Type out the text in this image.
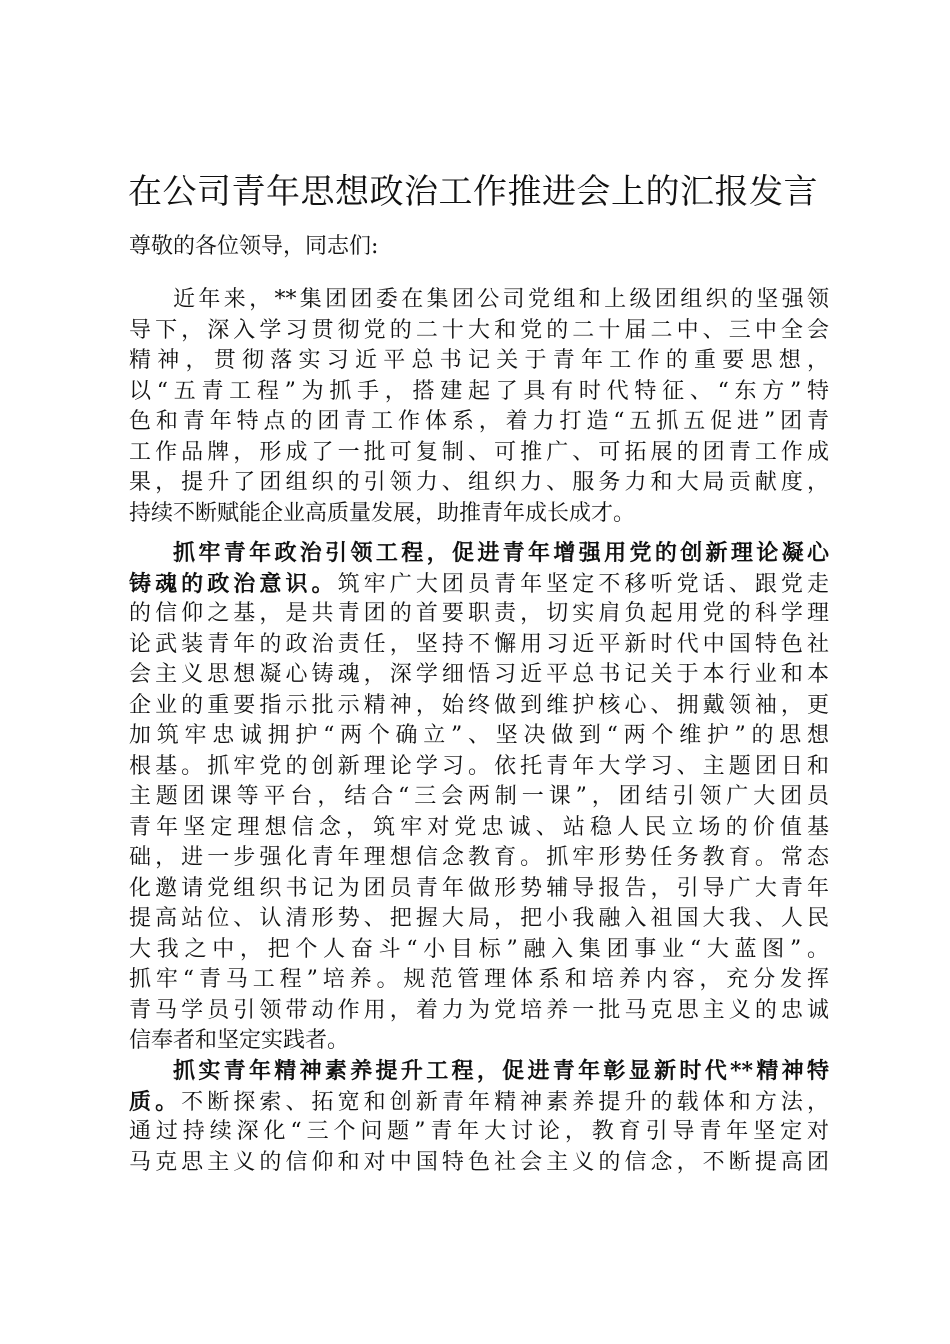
在公司青年思想政治工作推进会上的汇报发言

尊敬的各位领导，同志们:

近年来，**集团团委在集团公司党组和上级团组织的坚强领
导下，深入学习贯彻党的二十大和党的二十届二中、三中全会
精神，贯彻落实习近平总书记关于青年工作的重要思想，
以“五青工程”为抓手，搭建起了具有时代特征、“东方”特
色和青年特点的团青工作体系，着力打造“五抓五促进”团青
工作品牌，形成了一批可复制、可推广、可拓展的团青工作成
果，提升了团组织的引领力、组织力、服务力和大局贡献度，
持续不断赋能企业高质量发展，助推青年成长成才。
抓牢青年政治引领工程，促进青年增强用党的创新理论凝心
铸魂的政治意识。筑牢广大团员青年坚定不移听党话、跟党走
的信仰之基，是共青团的首要职责，切实肩负起用党的科学理
论武装青年的政治责任，坚持不懈用习近平新时代中国特色社
会主义思想凝心铸魂，深学细悟习近平总书记关于本行业和本
企业的重要指示批示精神，始终做到维护核心、拥戴领袖，更
加筑牢忠诚拥护“两个确立”、坚决做到“两个维护”的思想
根基。抓牢党的创新理论学习。依托青年大学习、主题团日和
主题团课等平台，结合“三会两制一课”，团结引领广大团员
青年坚定理想信念，筑牢对党忠诚、站稳人民立场的价值基
础，进一步强化青年理想信念教育。抓牢形势任务教育。常态
化邀请党组织书记为团员青年做形势辅导报告，引导广大青年
提高站位、认清形势、把握大局，把小我融入祖国大我、人民
大我之中，把个人奋斗“小目标”融入集团事业“大蓝图”。
抓牢“青马工程”培养。规范管理体系和培养内容，充分发挥
青马学员引领带动作用，着力为党培养一批马克思主义的忠诚
信奉者和坚定实践者。
抓实青年精神素养提升工程，促进青年彰显新时代**精神特
质。不断探索、拓宽和创新青年精神素养提升的载体和方法，
通过持续深化“三个问题”青年大讨论，教育引导青年坚定对
马克思主义的信仰和对中国特色社会主义的信念，不断提高团
